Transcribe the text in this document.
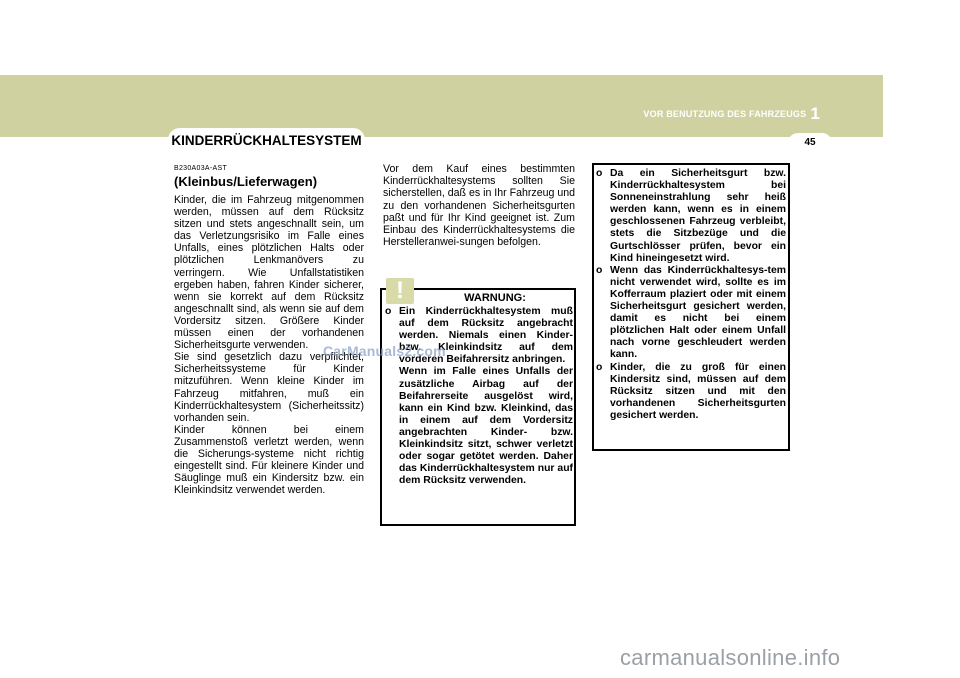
VOR BENUTZUNG DES FAHRZEUGS 1
45
KINDERRÜCKHALTESYSTEM

B230A03A-AST

(Kleinbus/Lieferwagen)

Kinder, die im Fahrzeug mitgenommen werden, müssen auf dem Rücksitz sitzen und stets angeschnallt sein, um das Verletzungsrisiko im Falle eines Unfalls, eines plötzlichen Halts oder plötzlichen Lenkmanövers zu verringern. Wie Unfallstatistiken ergeben haben, fahren Kinder sicherer, wenn sie korrekt auf dem Rücksitz angeschnallt sind, als wenn sie auf dem Vordersitz sitzen. Größere Kinder müssen einen der vorhandenen Sicherheitsgurte verwenden.
Sie sind gesetzlich dazu verpflichtet, Sicherheitssysteme für Kinder mitzuführen. Wenn kleine Kinder im Fahrzeug mitfahren, muß ein Kinderrückhaltesystem (Sicherheitssitz) vorhanden sein.
Kinder können bei einem Zusammenstoß verletzt werden, wenn die Sicherungs-systeme nicht richtig eingestellt sind. Für kleinere Kinder und Säuglinge muß ein Kindersitz bzw. ein Kleinkindsitz verwendet werden.

Vor dem Kauf eines bestimmten Kinderrückhaltesystems sollten Sie sicherstellen, daß es in Ihr Fahrzeug und zu den vorhandenen Sicherheitsgurten paßt und für Ihr Kind geeignet ist. Zum Einbau des Kinderrückhaltesystems die Herstelleranwei-sungen befolgen.

!	WARNUNG:
o Ein Kinderrückhaltesystem muß auf dem Rücksitz angebracht werden. Niemals einen Kinder- bzw. Kleinkindsitz auf dem vorderen Beifahrersitz anbringen.
Wenn im Falle eines Unfalls der zusätzliche Airbag auf der Beifahrerseite ausgelöst wird, kann ein Kind bzw. Kleinkind, das in einem auf dem Vordersitz angebrachten Kinder- bzw. Kleinkindsitz sitzt, schwer verletzt oder sogar getötet werden. Daher das Kinderrückhaltesystem nur auf dem Rücksitz verwenden.
o Da ein Sicherheitsgurt bzw. Kinderrückhaltesystem bei Sonneneinstrahlung sehr heiß werden kann, wenn es in einem geschlossenen Fahrzeug verbleibt, stets die Sitzbezüge und die Gurtschlösser prüfen, bevor ein Kind hineingesetzt wird.
o Wenn das Kinderrückhaltesys-tem nicht verwendet wird, sollte es im Kofferraum plaziert oder mit einem Sicherheitsgurt gesichert werden, damit es nicht bei einem plötzlichen Halt oder einem Unfall nach vorne geschleudert werden kann.
o Kinder, die zu groß für einen Kindersitz sind, müssen auf dem Rücksitz sitzen und mit den vorhandenen Sicherheitsgurten gesichert werden.
CarManuals2.com
carmanualsonline.info
